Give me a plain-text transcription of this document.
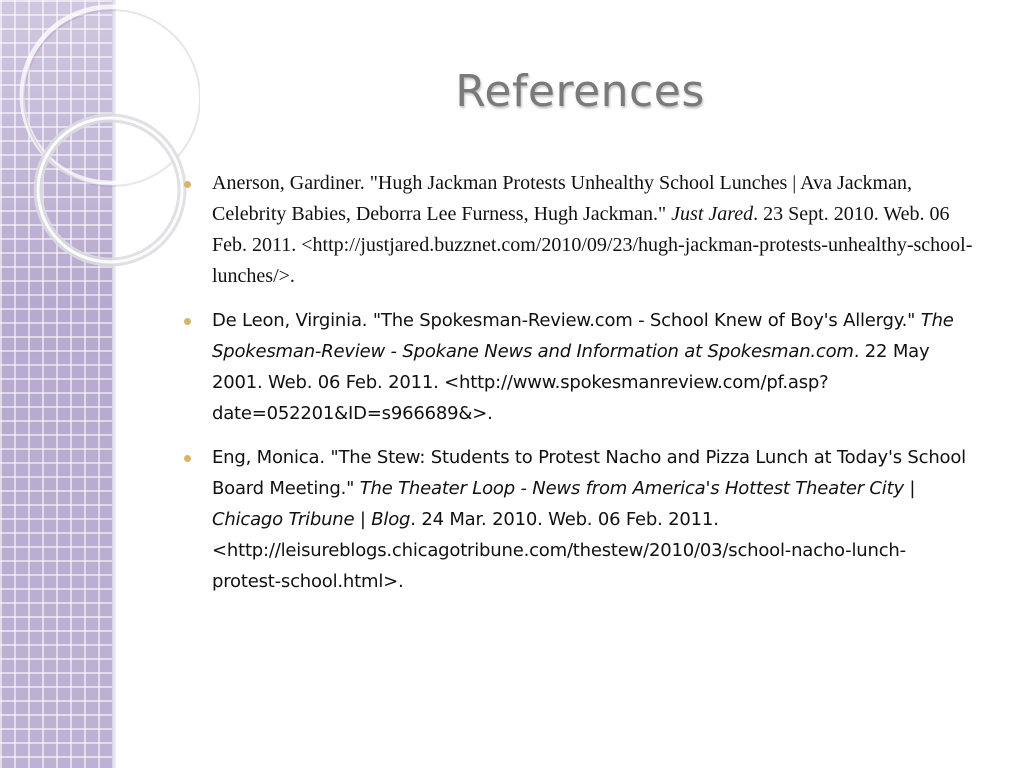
References
Anerson, Gardiner. "Hugh Jackman Protests Unhealthy School Lunches | Ava Jackman, Celebrity Babies, Deborra Lee Furness, Hugh Jackman." Just Jared. 23 Sept. 2010. Web. 06 Feb. 2011. <http://justjared.buzznet.com/2010/09/23/hugh-jackman-protests-unhealthy-school-lunches/>.
De Leon, Virginia. "The Spokesman-Review.com - School Knew of Boy's Allergy." The Spokesman-Review - Spokane News and Information at Spokesman.com. 22 May 2001. Web. 06 Feb. 2011. <http://www.spokesmanreview.com/pf.asp?date=052201&ID=s966689&>.
Eng, Monica. "The Stew: Students to Protest Nacho and Pizza Lunch at Today's School Board Meeting." The Theater Loop - News from America's Hottest Theater City | Chicago Tribune | Blog. 24 Mar. 2010. Web. 06 Feb. 2011. <http://leisureblogs.chicagotribune.com/thestew/2010/03/school-nacho-lunch-protest-school.html>.
